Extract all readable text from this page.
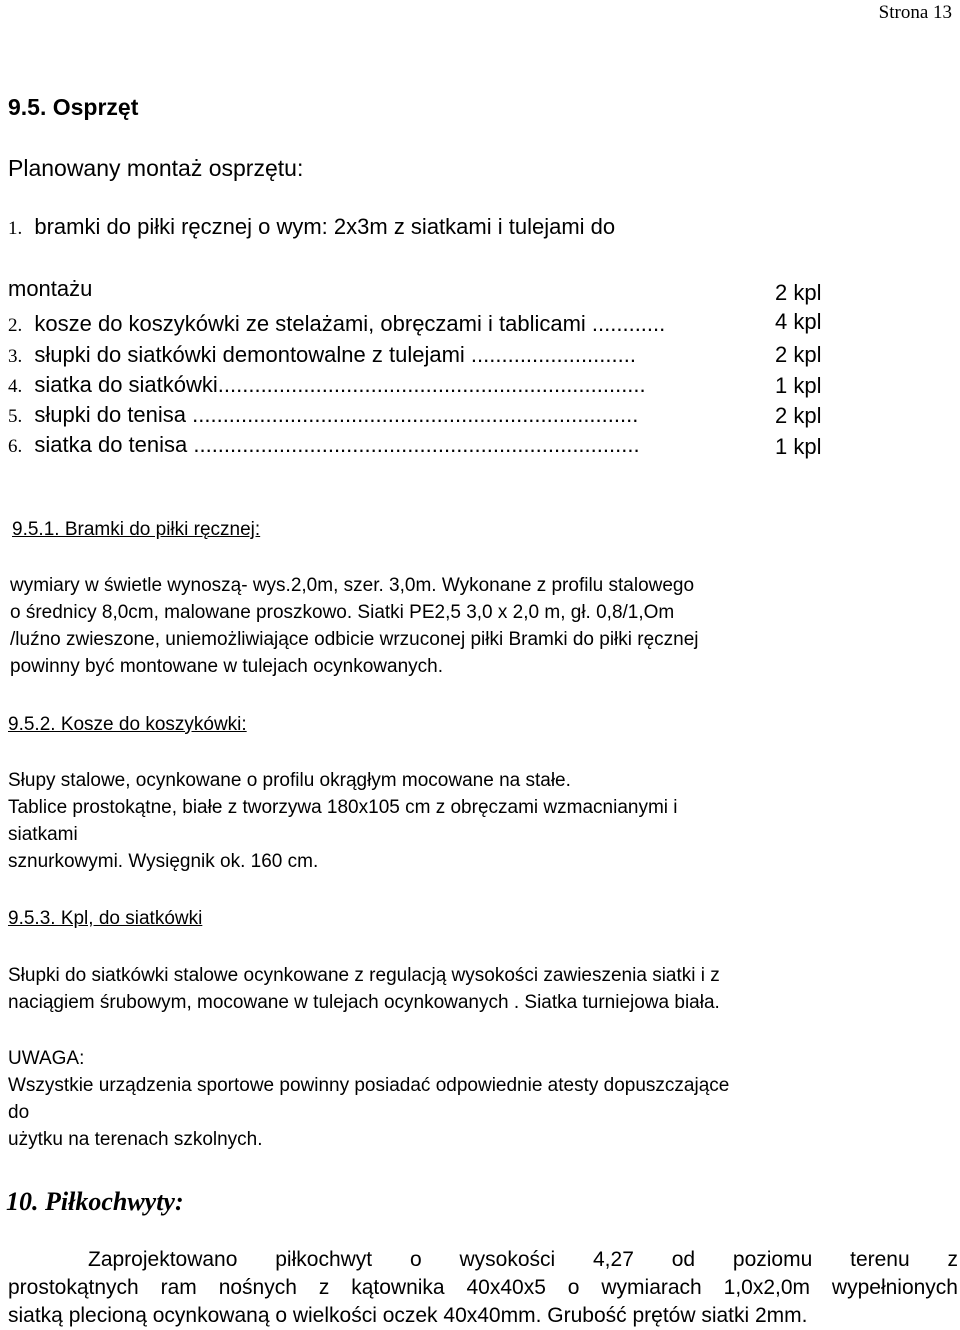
Strona 13
9.5. Osprzęt
Planowany montaż osprzętu:
1. bramki do piłki ręcznej o wym: 2x3m z siatkami i tulejami do
montażu
2. kosze do koszykówki ze stelażami, obręczami i tablicami ............
3. słupki do siatkówki demontowalne z tulejami ...........................
4. siatka do siatkówki......................................................................
5. słupki do tenisa .........................................................................
6. siatka do tenisa .........................................................................
2 kpl
4 kpl
2 kpl
1 kpl
2 kpl
1 kpl
9.5.1. Bramki do piłki ręcznej:
wymiary w świetle wynoszą- wys.2,0m, szer. 3,0m. Wykonane z profilu stalowego
o średnicy 8,0cm, malowane proszkowo. Siatki PE2,5 3,0 x 2,0 m, gł. 0,8/1,Om
/luźno zwieszone, uniemożliwiające odbicie wrzuconej piłki Bramki do piłki ręcznej
powinny być montowane w tulejach ocynkowanych.
9.5.2. Kosze do koszykówki:
Słupy stalowe, ocynkowane o profilu okrągłym mocowane na stałe.
Tablice prostokątne, białe z tworzywa 180x105 cm z obręczami wzmacnianymi i
siatkami
sznurkowymi. Wysięgnik ok. 160 cm.
9.5.3. Kpl, do siatkówki
Słupki do siatkówki stalowe ocynkowane z regulacją wysokości zawieszenia siatki i z
naciągiem śrubowym, mocowane w tulejach ocynkowanych . Siatka turniejowa biała.
UWAGA:
Wszystkie urządzenia sportowe powinny posiadać odpowiednie atesty dopuszczające
do
użytku na terenach szkolnych.
10. Piłkochwyty:
Zaprojektowano piłkochwyt o wysokości 4,27 od poziomu terenu z
prostokątnych ram nośnych z kątownika 40x40x5 o wymiarach 1,0x2,0m wypełnionych
siatką plecioną ocynkowaną o wielkości oczek 40x40mm. Grubość prętów siatki 2mm.
